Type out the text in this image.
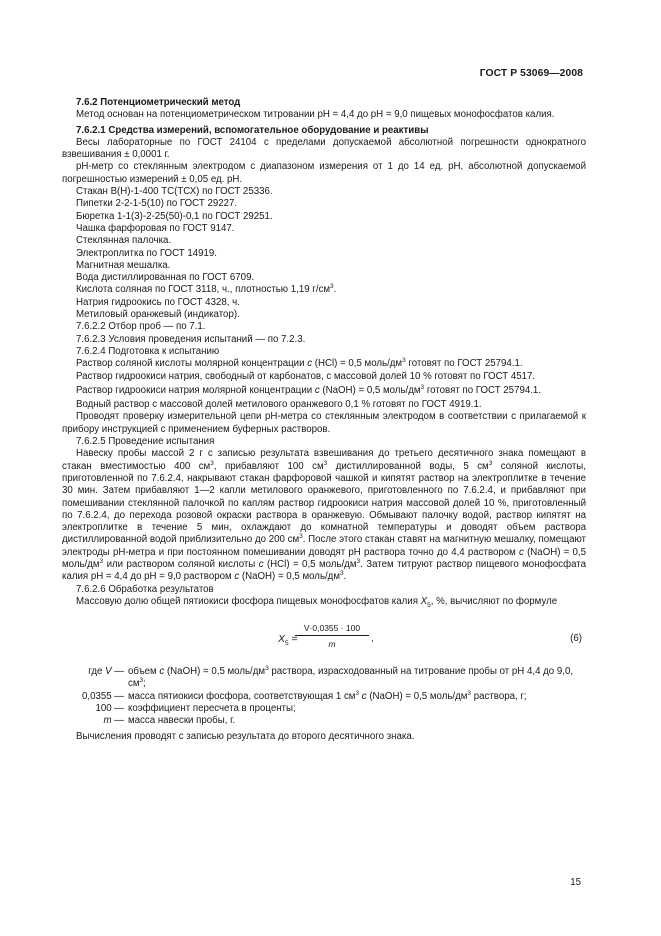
ГОСТ Р 53069—2008

7.6.2 Потенциометрический метод

Метод основан на потенциометрическом титровании рН = 4,4 до рН = 9,0 пищевых монофосфатов калия.

7.6.2.1 Средства измерений, вспомогательное оборудование и реактивы

Весы лабораторные по ГОСТ 24104 с пределами допускаемой абсолютной погрешности однократного взвешивания ± 0,0001 г.

рН-метр со стеклянным электродом с диапазоном измерения от 1 до 14 ед. рН, абсолютной допускаемой погрешностью измерений ± 0,05 ед. рН.

Стакан В(Н)-1-400 ТС(ТСХ) по ГОСТ 25336.

Пипетки 2-2-1-5(10) по ГОСТ 29227.

Бюретка 1-1(3)-2-25(50)-0,1 по ГОСТ 29251.

Чашка фарфоровая по ГОСТ 9147.

Стеклянная палочка.

Электроплитка по ГОСТ 14919.

Магнитная мешалка.

Вода дистиллированная по ГОСТ 6709.

Кислота соляная по ГОСТ 3118, ч., плотностью 1,19 $г/см^3$.

Натрия гидроокись по ГОСТ 4328, ч.

Метиловый оранжевый (индикатор).

7.6.2.2 Отбор проб — по 7.1.

7.6.2.3 Условия проведения испытаний — по 7.2.3.

7.6.2.4 Подготовка к испытанию

Раствор соляной кислоты молярной концентрации с (HCl) = 0,5 моль/$дм^3$ готовят по ГОСТ 25794.1.

Раствор гидроокиси натрия, свободный от карбонатов, с массовой долей 10 % готовят по ГОСТ 4517.

Раствор гидроокиси натрия молярной концентрации с (NaOH) = 0,5 моль/$дм^3$ готовят по ГОСТ 25794.1.

Водный раствор с массовой долей метилового оранжевого 0,1 % готовят по ГОСТ 4919.1.

Проводят проверку измерительной цепи рН-метра со стеклянным электродом в соответствии с прилагаемой к прибору инструкцией с применением буферных растворов.

7.6.2.5 Проведение испытания

Навеску пробы массой 2 г с записью результата взвешивания до третьего десятичного знака помещают в стакан вместимостью 400 $см^3$, прибавляют 100 $см^3$ дистиллированной воды, 5 $см^3$ соляной кислоты, приготовленной по 7.6.2.4, накрывают стакан фарфоровой чашкой и кипятят раствор на электроплитке в течение 30 мин. Затем прибавляют 1—2 капли метилового оранжевого, приготовленного по 7.6.2.4, и прибавляют при помешивании стеклянной палочкой по каплям раствор гидроокиси натрия массовой долей 10 %, приготовленный по 7.6.2.4, до перехода розовой окраски раствора в оранжевую. Обмывают палочку водой, раствор кипятят на электроплитке в течение 5 мин, охлаждают до комнатной температуры и доводят объем раствора дистиллированной водой приблизительно до 200 $см^3$. После этого стакан ставят на магнитную мешалку, помещают электроды рН-метра и при постоянном помешивании доводят рН раствора точно до 4,4 раствором с (NaOH) = 0,5 моль/$дм^3$ или раствором соляной кислоты с (HCl) = 0,5 моль/$дм^3$. Затем титруют раствор пищевого монофосфата калия рН = 4,4 до рН = 9,0 раствором с (NaOH) = 0,5 моль/$дм^3$.

7.6.2.6 Обработка результатов

Массовую долю общей пятиокиси фосфора пищевых монофосфатов калия $X_5$, %, вычисляют по формуле

$X_5$ =
$\frac{V\cdot 0,0355 \cdot 100}{m}$ ,	(6)
где V — объем с (NaOH) = 0,5 моль/$дм^3$ раствора, израсходованный на титрование пробы от рН 4,4 до 9,0, $см^3$;
0,0355 — масса пятиокиси фосфора, соответствующая 1 $см^3$ с (NaOH) = 0,5 моль/$дм^3$ раствора, г;
100 — коэффициент пересчета в проценты;
m — масса навески пробы, г.

Вычисления проводят с записью результата до второго десятичного знака.

15
